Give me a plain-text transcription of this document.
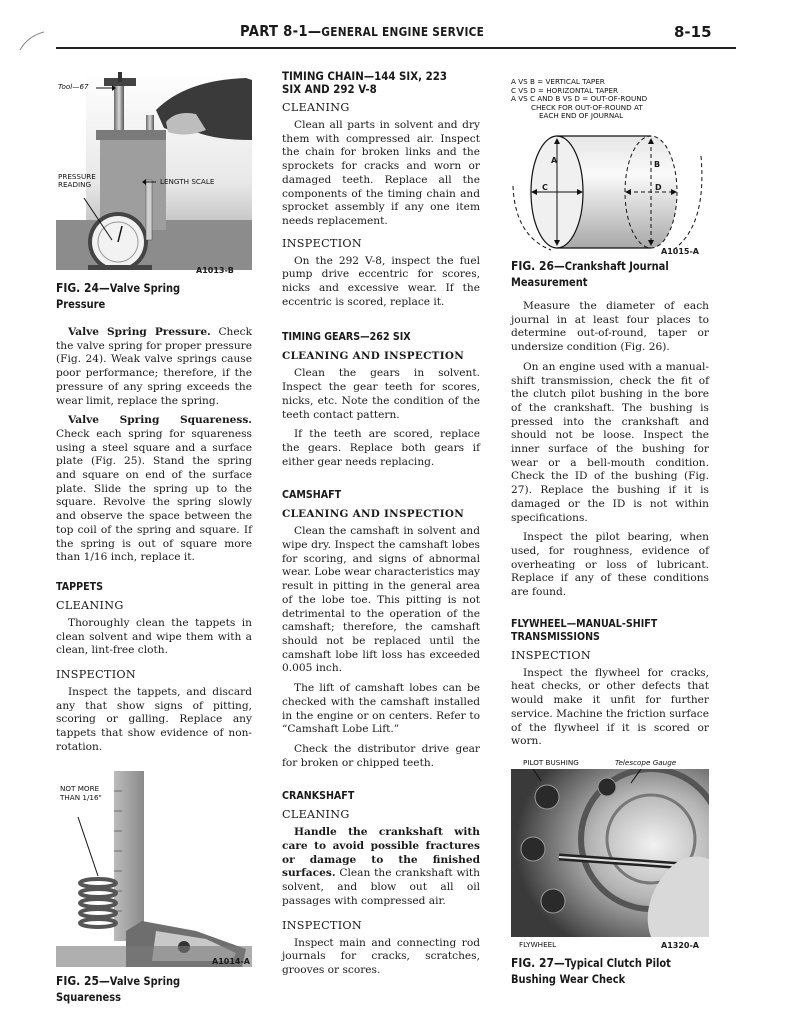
PART 8-1—GENERAL ENGINE SERVICE	8-15
Tool—67
PRESSURE
READING	LENGTH SCALE
A1013-B
FIG. 24—Valve Spring Pressure

Valve Spring Pressure. Check the valve spring for proper pressure (Fig. 24). Weak valve springs cause poor performance; therefore, if the pressure of any spring exceeds the wear limit, replace the spring.

Valve Spring Squareness. Check each spring for squareness using a steel square and a surface plate (Fig. 25). Stand the spring and square on end of the surface plate. Slide the spring up to the square. Revolve the spring slowly and observe the space between the top coil of the spring and square. If the spring is out of square more than 1/16 inch, replace it.

TAPPETS
CLEANING

Thoroughly clean the tappets in clean solvent and wipe them with a clean, lint-free cloth.

INSPECTION

Inspect the tappets, and discard any that show signs of pitting, scoring or galling. Replace any tappets that show evidence of non-rotation.

NOT MORE
THAN 1/16"
A1014-A
FIG. 25—Valve Spring Squareness
TIMING CHAIN—144 SIX, 223 SIX AND 292 V-8
CLEANING

Clean all parts in solvent and dry them with compressed air. Inspect the chain for broken links and the sprockets for cracks and worn or damaged teeth. Replace all the components of the timing chain and sprocket assembly if any one item needs replacement.

INSPECTION

On the 292 V-8, inspect the fuel pump drive eccentric for scores, nicks and excessive wear. If the eccentric is scored, replace it.

TIMING GEARS—262 SIX
CLEANING AND INSPECTION

Clean the gears in solvent. Inspect the gear teeth for scores, nicks, etc. Note the condition of the teeth contact pattern.

If the teeth are scored, replace the gears. Replace both gears if either gear needs replacing.

CAMSHAFT
CLEANING AND INSPECTION

Clean the camshaft in solvent and wipe dry. Inspect the camshaft lobes for scoring, and signs of abnormal wear. Lobe wear characteristics may result in pitting in the general area of the lobe toe. This pitting is not detrimental to the operation of the camshaft; therefore, the camshaft should not be replaced until the camshaft lobe lift loss has exceeded 0.005 inch.

The lift of camshaft lobes can be checked with the camshaft installed in the engine or on centers. Refer to “Camshaft Lobe Lift.”

Check the distributor drive gear for broken or chipped teeth.

CRANKSHAFT
CLEANING

Handle the crankshaft with care to avoid possible fractures or damage to the finished surfaces. Clean the crankshaft with solvent, and blow out all oil passages with compressed air.

INSPECTION

Inspect main and connecting rod journals for cracks, scratches, grooves or scores.

A VS B = VERTICAL TAPER

C VS D = HORIZONTAL TAPER

A VS C AND B VS D = OUT-OF-ROUND

CHECK FOR OUT-OF-ROUND AT

EACH END OF JOURNAL

A
C
B
D
A1015-A
FIG. 26—Crankshaft Journal Measurement

Measure the diameter of each journal in at least four places to determine out-of-round, taper or undersize condition (Fig. 26).

On an engine used with a manual-shift transmission, check the fit of the clutch pilot bushing in the bore of the crankshaft. The bushing is pressed into the crankshaft and should not be loose. Inspect the inner surface of the bushing for wear or a bell-mouth condition. Check the ID of the bushing (Fig. 27). Replace the bushing if it is damaged or the ID is not within specifications.

Inspect the pilot bearing, when used, for roughness, evidence of overheating or loss of lubricant. Replace if any of these conditions are found.

FLYWHEEL—MANUAL-SHIFT TRANSMISSIONS
INSPECTION

Inspect the flywheel for cracks, heat checks, or other defects that would make it unfit for further service. Machine the friction surface of the flywheel if it is scored or worn.

PILOT BUSHING	Telescope Gauge
FLYWHEEL	A1320-A
FIG. 27—Typical Clutch Pilot Bushing Wear Check
